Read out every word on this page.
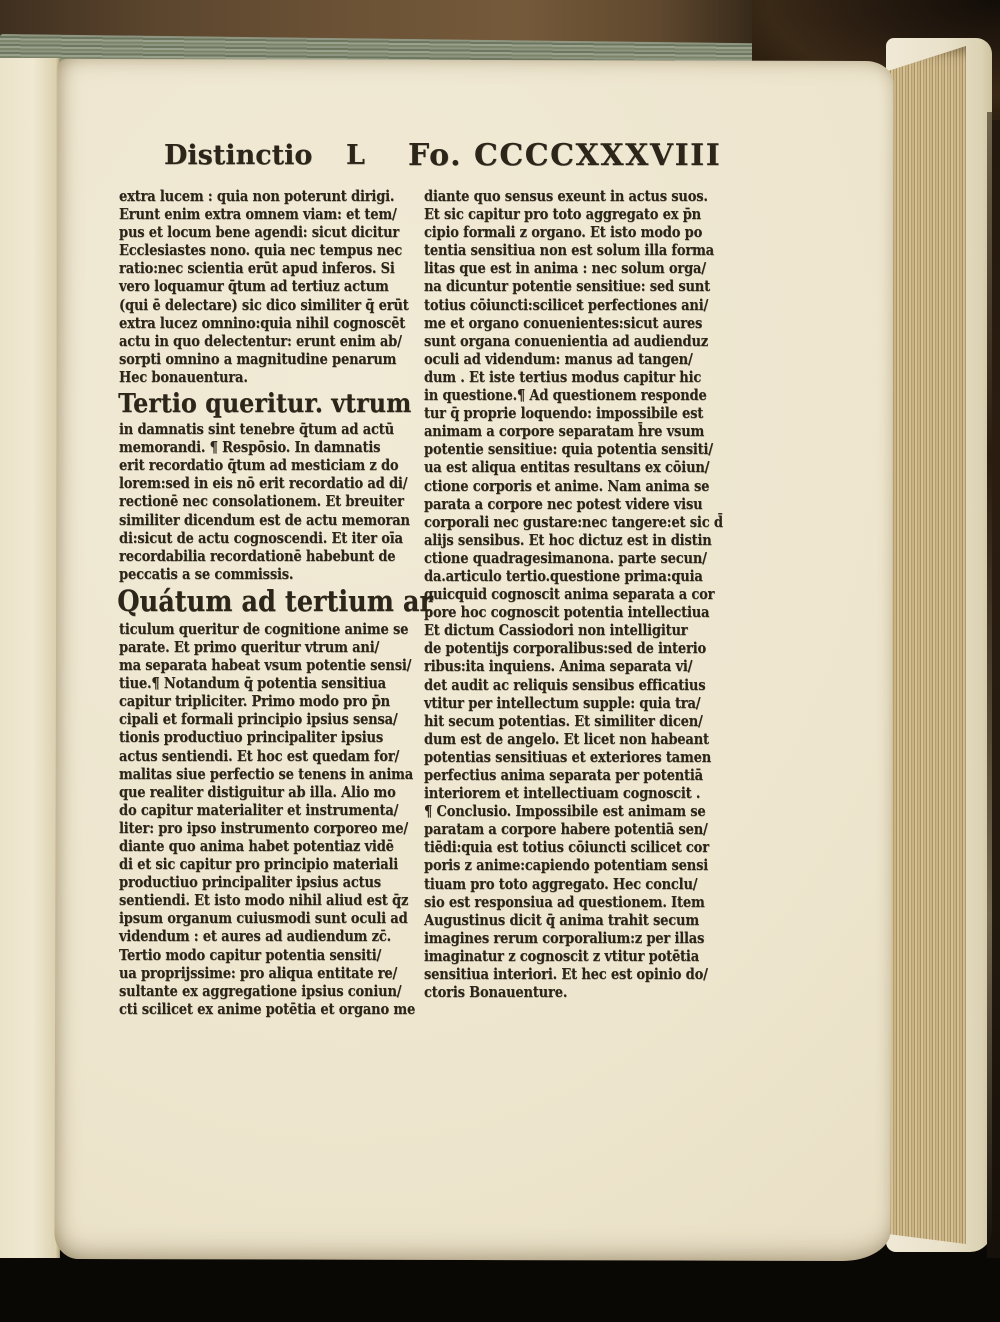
Distinctio L Fo. CCCCXXXVIII
extra lucem : quia non poterunt dirigi.
Erunt enim extra omnem viam: et tem/
pus et locum bene agendi: sicut dicitur
Ecclesiastes nono. quia nec tempus nec
ratio:nec scientia erūt apud inferos. Si
vero loquamur q̄tum ad tertiuz actum
(qui ē delectare) sic dico similiter q̄ erūt
extra lucez omnino:quia nihil cognoscēt
actu in quo delectentur: erunt enim ab/
sorpti omnino a magnitudine penarum
Hec bonauentura.
Tertio queritur. vtrum
in damnatis sint tenebre q̄tum ad actū
memorandi. ¶ Respōsio. In damnatis
erit recordatio q̄tum ad mesticiam z do
lorem:sed in eis nō erit recordatio ad di/
rectionē nec consolationem. Et breuiter
similiter dicendum est de actu memoran
di:sicut de actu cognoscendi. Et iter oīa
recordabilia recordationē habebunt de
peccatis a se commissis.
Quátum ad tertium ar
ticulum queritur de cognitione anime se
parate. Et primo queritur vtrum ani/
ma separata habeat vsum potentie sensi/
tiue.¶ Notandum q̄ potentia sensitiua
capitur tripliciter. Primo modo pro p̄n
cipali et formali principio ipsius sensa/
tionis productiuo principaliter ipsius
actus sentiendi. Et hoc est quedam for/
malitas siue perfectio se tenens in anima
que realiter distiguitur ab illa. Alio mo
do capitur materialiter et instrumenta/
liter: pro ipso instrumento corporeo me/
diante quo anima habet potentiaz vidē
di et sic capitur pro principio materiali
productiuo principaliter ipsius actus
sentiendi. Et isto modo nihil aliud est q̄z
ipsum organum cuiusmodi sunt oculi ad
videndum : et aures ad audiendum zc̄.
Tertio modo capitur potentia sensiti/
ua proprijssime: pro aliqua entitate re/
sultante ex aggregatione ipsius coniun/
cti scilicet ex anime potētia et organo me
diante quo sensus exeunt in actus suos.
Et sic capitur pro toto aggregato ex p̄n
cipio formali z organo. Et isto modo po
tentia sensitiua non est solum illa forma
litas que est in anima : nec solum orga/
na dicuntur potentie sensitiue: sed sunt
totius cōiuncti:scilicet perfectiones ani/
me et organo conuenientes:sicut aures
sunt organa conuenientia ad audienduz
oculi ad videndum: manus ad tangen/
dum . Et iste tertius modus capitur hic
in questione.¶ Ad questionem responde
tur q̄ proprie loquendo: impossibile est
animam a corpore separatam h̄re vsum
potentie sensitiue: quia potentia sensiti/
ua est aliqua entitas resultans ex cōiun/
ctione corporis et anime. Nam anima se
parata a corpore nec potest videre visu
corporali nec gustare:nec tangere:et sic d̄
alijs sensibus. Et hoc dictuz est in distin
ctione quadragesimanona. parte secun/
da.articulo tertio.questione prima:quia
quicquid cognoscit anima separata a cor
pore hoc cognoscit potentia intellectiua
Et dictum Cassiodori non intelligitur
de potentijs corporalibus:sed de interio
ribus:ita inquiens. Anima separata vi/
det audit ac reliquis sensibus efficatius
vtitur per intellectum supple: quia tra/
hit secum potentias. Et similiter dicen/
dum est de angelo. Et licet non habeant
potentias sensitiuas et exteriores tamen
perfectius anima separata per potentiā
interiorem et intellectiuam cognoscit .
¶ Conclusio. Impossibile est animam se
paratam a corpore habere potentiā sen/
tiēdi:quia est totius cōiuncti scilicet cor
poris z anime:capiendo potentiam sensi
tiuam pro toto aggregato. Hec conclu/
sio est responsiua ad questionem. Item
Augustinus dicit q̄ anima trahit secum
imagines rerum corporalium:z per illas
imaginatur z cognoscit z vtitur potētia
sensitiua interiori. Et hec est opinio do/
ctoris Bonauenture.
